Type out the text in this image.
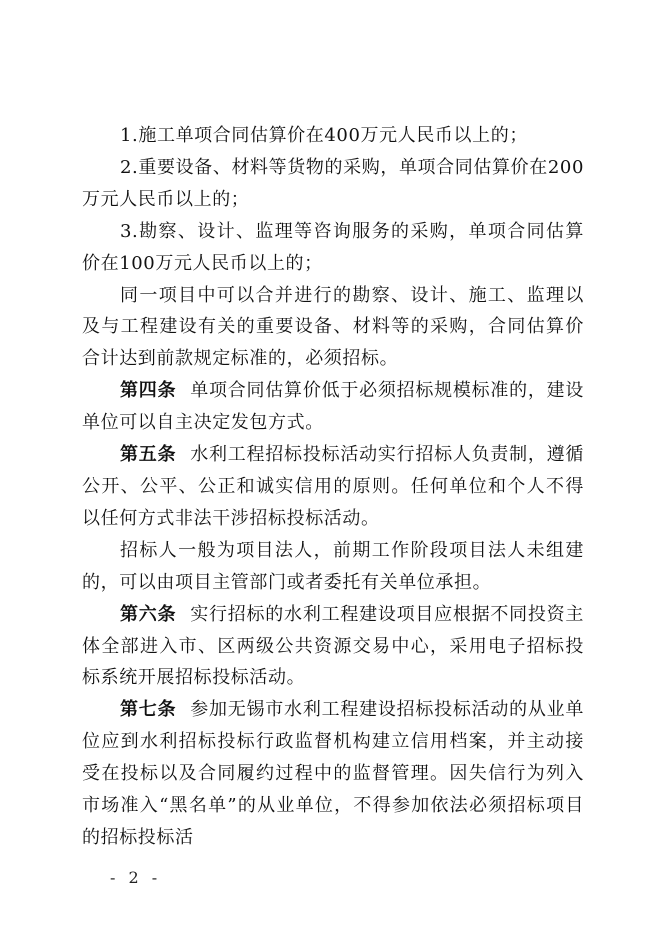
1.施工单项合同估算价在400万元人民币以上的；

2.重要设备、材料等货物的采购，单项合同估算价在200万元人民币以上的；

3.勘察、设计、监理等咨询服务的采购，单项合同估算价在100万元人民币以上的；

同一项目中可以合并进行的勘察、设计、施工、监理以及与工程建设有关的重要设备、材料等的采购，合同估算价合计达到前款规定标准的，必须招标。

第四条 单项合同估算价低于必须招标规模标准的，建设单位可以自主决定发包方式。

第五条 水利工程招标投标活动实行招标人负责制，遵循公开、公平、公正和诚实信用的原则。任何单位和个人不得以任何方式非法干涉招标投标活动。

招标人一般为项目法人，前期工作阶段项目法人未组建的，可以由项目主管部门或者委托有关单位承担。

第六条 实行招标的水利工程建设项目应根据不同投资主体全部进入市、区两级公共资源交易中心，采用电子招标投标系统开展招标投标活动。

第七条 参加无锡市水利工程建设招标投标活动的从业单位应到水利招标投标行政监督机构建立信用档案，并主动接受在投标以及合同履约过程中的监督管理。因失信行为列入市场准入“黑名单”的从业单位，不得参加依法必须招标项目的招标投标活

- 2 -
